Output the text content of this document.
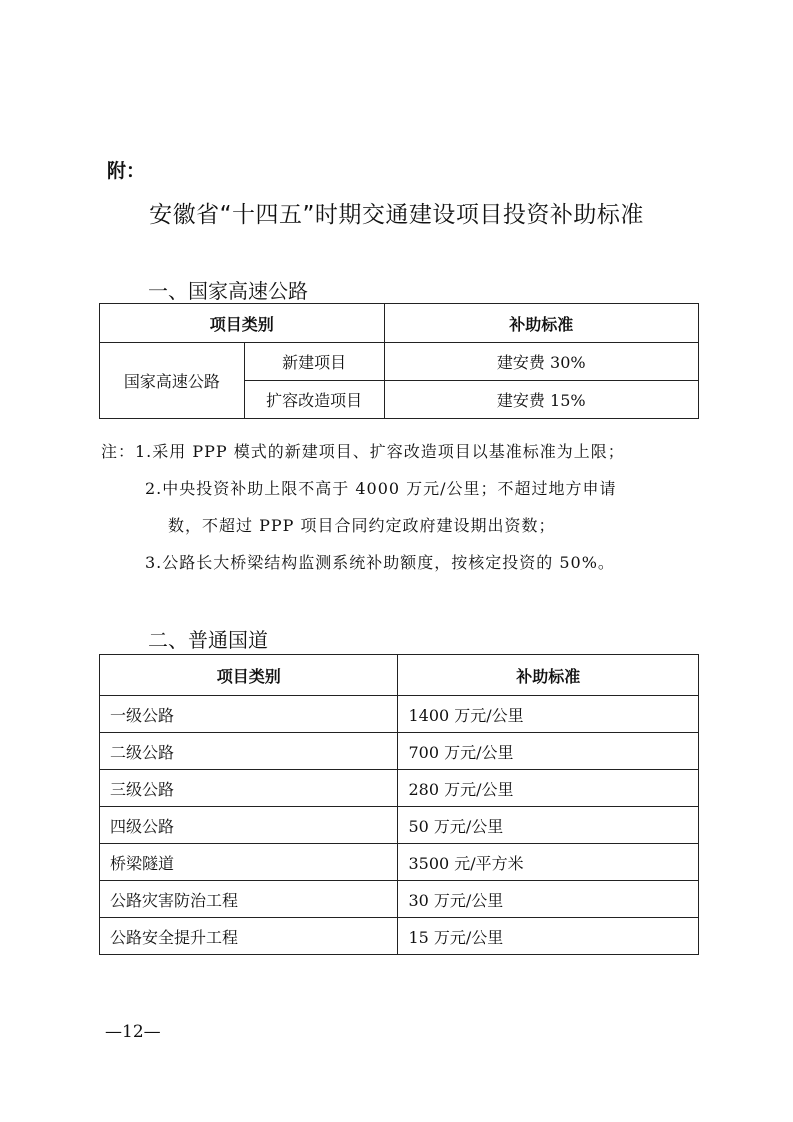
附：
安徽省“十四五”时期交通建设项目投资补助标准
一、国家高速公路
项目类别		补助标准
国家高速公路	新建项目	建安费 30%
	扩容改造项目	建安费 15%
注：1.采用 PPP 模式的新建项目、扩容改造项目以基准标准为上限；
2.中央投资补助上限不高于 4000 万元/公里；不超过地方申请
数，不超过 PPP 项目合同约定政府建设期出资数；
3.公路长大桥梁结构监测系统补助额度，按核定投资的 50%。
二、普通国道
项目类别	补助标准
一级公路	1400 万元/公里
二级公路	700 万元/公里
三级公路	280 万元/公里
四级公路	50 万元/公里
桥梁隧道	3500 元/平方米
公路灾害防治工程	30 万元/公里
公路安全提升工程	15 万元/公里
—12—
